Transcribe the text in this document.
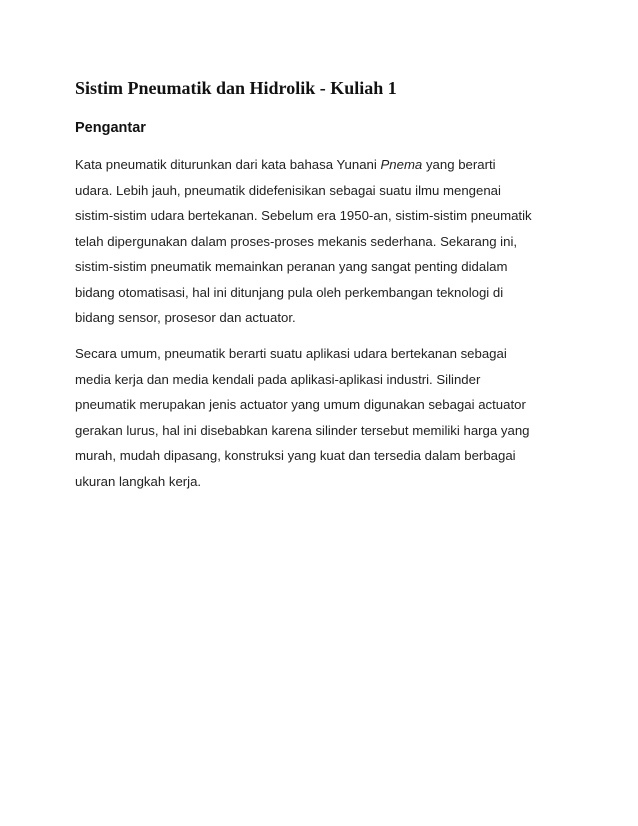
Sistim Pneumatik dan Hidrolik - Kuliah 1
Pengantar

Kata pneumatik diturunkan dari kata bahasa Yunani Pnema yang berarti
udara. Lebih jauh, pneumatik didefenisikan sebagai suatu ilmu mengenai
sistim-sistim udara bertekanan. Sebelum era 1950-an, sistim-sistim pneumatik
telah dipergunakan dalam proses-proses mekanis sederhana. Sekarang ini,
sistim-sistim pneumatik memainkan peranan yang sangat penting didalam
bidang otomatisasi, hal ini ditunjang pula oleh perkembangan teknologi di
bidang sensor, prosesor dan actuator.

Secara umum, pneumatik berarti suatu aplikasi udara bertekanan sebagai
media kerja dan media kendali pada aplikasi-aplikasi industri. Silinder
pneumatik merupakan jenis actuator yang umum digunakan sebagai actuator
gerakan lurus, hal ini disebabkan karena silinder tersebut memiliki harga yang
murah, mudah dipasang, konstruksi yang kuat dan tersedia dalam berbagai
ukuran langkah kerja.
